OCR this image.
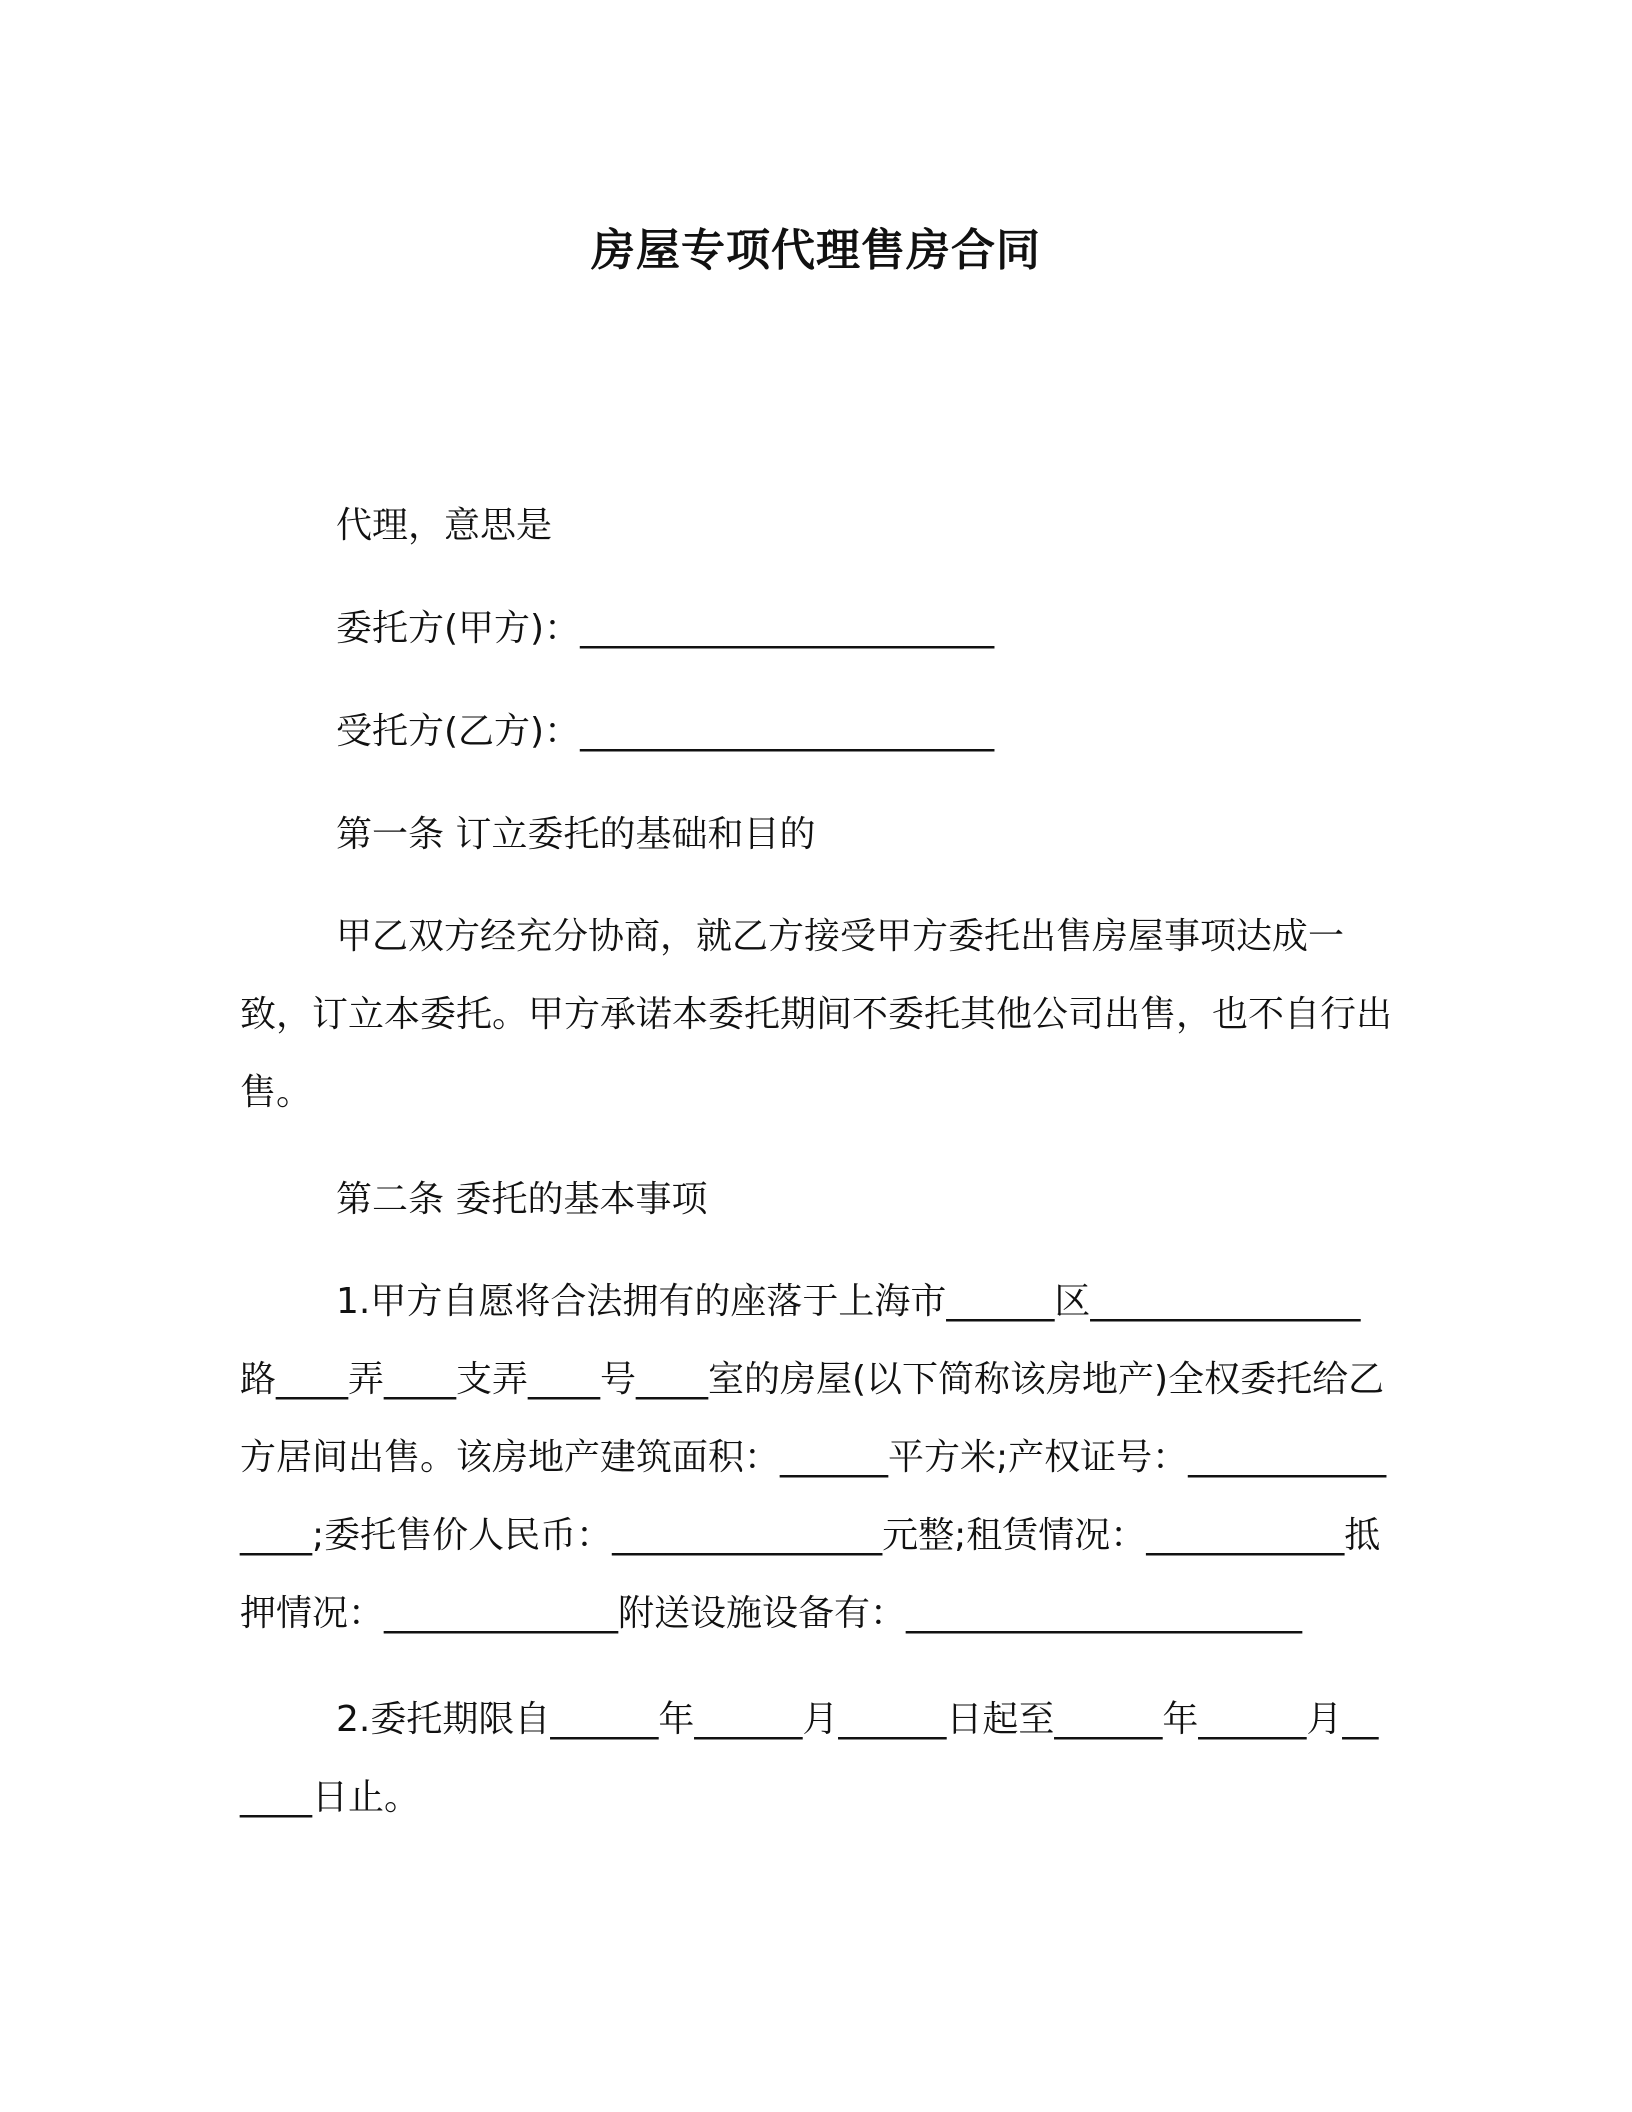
房屋专项代理售房合同

代理，意思是

委托方(甲方)：_______________________

受托方(乙方)：_______________________

第一条 订立委托的基础和目的

甲乙双方经充分协商，就乙方接受甲方委托出售房屋事项达成一致，订立本委托。甲方承诺本委托期间不委托其他公司出售，也不自行出售。

第二条 委托的基本事项

1.甲方自愿将合法拥有的座落于上海市______区_______________路____弄____支弄____号____室的房屋(以下简称该房地产)全权委托给乙方居间出售。该房地产建筑面积：______平方米;产权证号：_______________;委托售价人民币：_______________元整;租赁情况：___________抵押情况：_____________附送设施设备有：______________________

2.委托期限自______年______月______日起至______年______月______日止。
